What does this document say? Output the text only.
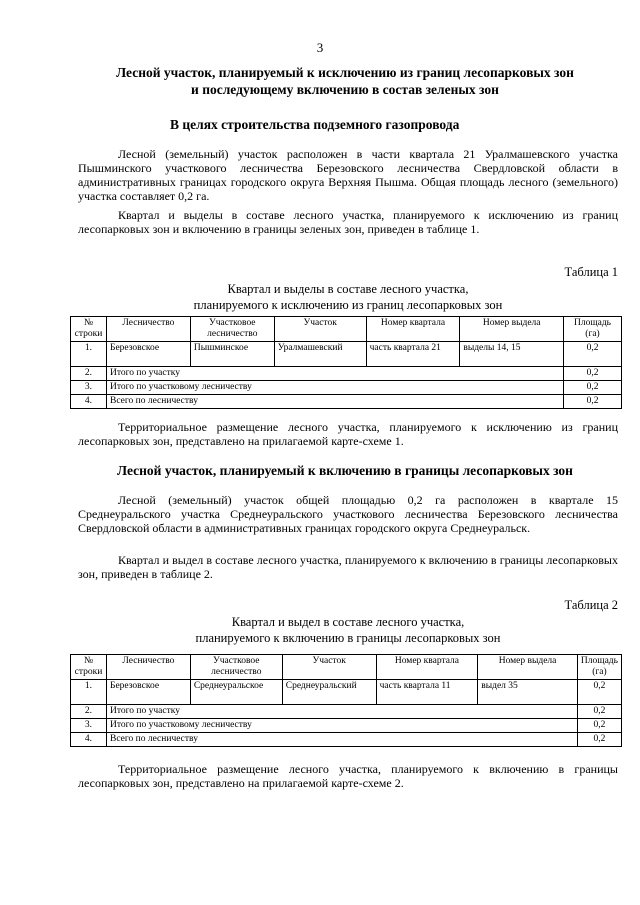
3
Лесной участок, планируемый к исключению из границ лесопарковых зон
и последующему включению в состав зеленых зон
В целях строительства подземного газопровода
Лесной (земельный) участок расположен в части квартала 21 Уралмашевского участка Пышминского участкового лесничества Березовского лесничества Свердловской области в административных границах городского округа Верхняя Пышма. Общая площадь лесного (земельного) участка составляет 0,2 га.
Квартал и выделы в составе лесного участка, планируемого к исключению из границ лесопарковых зон и включению в границы зеленых зон, приведен в таблице 1.
Таблица 1
Квартал и выделы в составе лесного участка,
планируемого к исключению из границ лесопарковых зон
№ строки	Лесничество	Участковое лесничество	Участок	Номер квартала	Номер выдела	Площадь (га)
1.	Березовское	Пышминское	Уралмашевский	часть квартала 21	выделы 14, 15	0,2
2.	Итого по участку					0,2
3.	Итого по участковому лесничеству					0,2
4.	Всего по лесничеству					0,2
Территориальное размещение лесного участка, планируемого к исключению из границ лесопарковых зон, представлено на прилагаемой карте-схеме 1.
Лесной участок, планируемый к включению в границы лесопарковых зон
Лесной (земельный) участок общей площадью 0,2 га расположен в квартале 15 Среднеуральского участка Среднеуральского участкового лесничества Березовского лесничества Свердловской области в административных границах городского округа Среднеуральск.
Квартал и выдел в составе лесного участка, планируемого к включению в границы лесопарковых зон, приведен в таблице 2.
Таблица 2
Квартал и выдел в составе лесного участка,
планируемого к включению в границы лесопарковых зон
№ строки	Лесничество	Участковое лесничество	Участок	Номер квартала	Номер выдела	Площадь (га)
1.	Березовское	Среднеуральское	Среднеуральский	часть квартала 11	выдел 35	0,2
2.	Итого по участку					0,2
3.	Итого по участковому лесничеству					0,2
4.	Всего по лесничеству					0,2
Территориальное размещение лесного участка, планируемого к включению в границы лесопарковых зон, представлено на прилагаемой карте-схеме 2.
